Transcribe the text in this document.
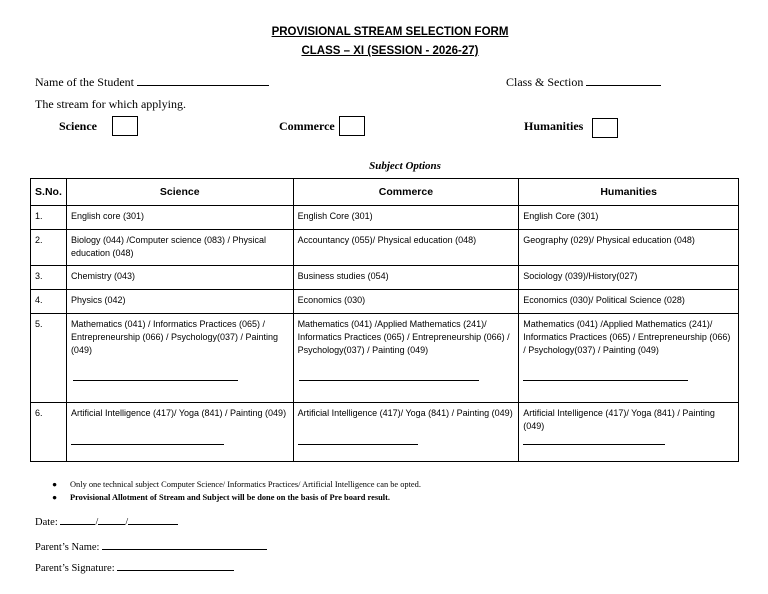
PROVISIONAL STREAM SELECTION FORM
CLASS – XI (SESSION - 2026-27)
Name of the Student	Class & Section
The stream for which applying.
Science	Commerce	Humanities
Subject Options
S.No.	Science	Commerce	Humanities
1.	English core (301)	English Core (301)	English Core (301)
2.	Biology (044) /Computer science (083) / Physical education (048)	Accountancy (055)/ Physical education (048)	Geography (029)/ Physical education (048)
3.	Chemistry (043)	Business studies (054)	Sociology (039)/History(027)
4.	Physics (042)	Economics (030)	Economics (030)/ Political Science (028)
5.	Mathematics (041) / Informatics Practices (065) / Entrepreneurship (066) / Psychology(037) / Painting (049)	Mathematics (041) /Applied Mathematics (241)/ Informatics Practices (065) / Entrepreneurship (066) / Psychology(037) / Painting (049)	Mathematics (041) /Applied Mathematics (241)/ Informatics Practices (065) / Entrepreneurship (066) / Psychology(037) / Painting (049)

6.	Artificial Intelligence (417)/ Yoga (841) / Painting (049)	Artificial Intelligence (417)/ Yoga (841) / Painting (049)	Artificial Intelligence (417)/ Yoga (841) / Painting (049)
● Only one technical subject Computer Science/ Informatics Practices/ Artificial Intelligence can be opted.
● Provisional Allotment of Stream and Subject will be done on the basis of Pre board result.
Date:	/	/
Parent’s Name:
Parent’s Signature:
